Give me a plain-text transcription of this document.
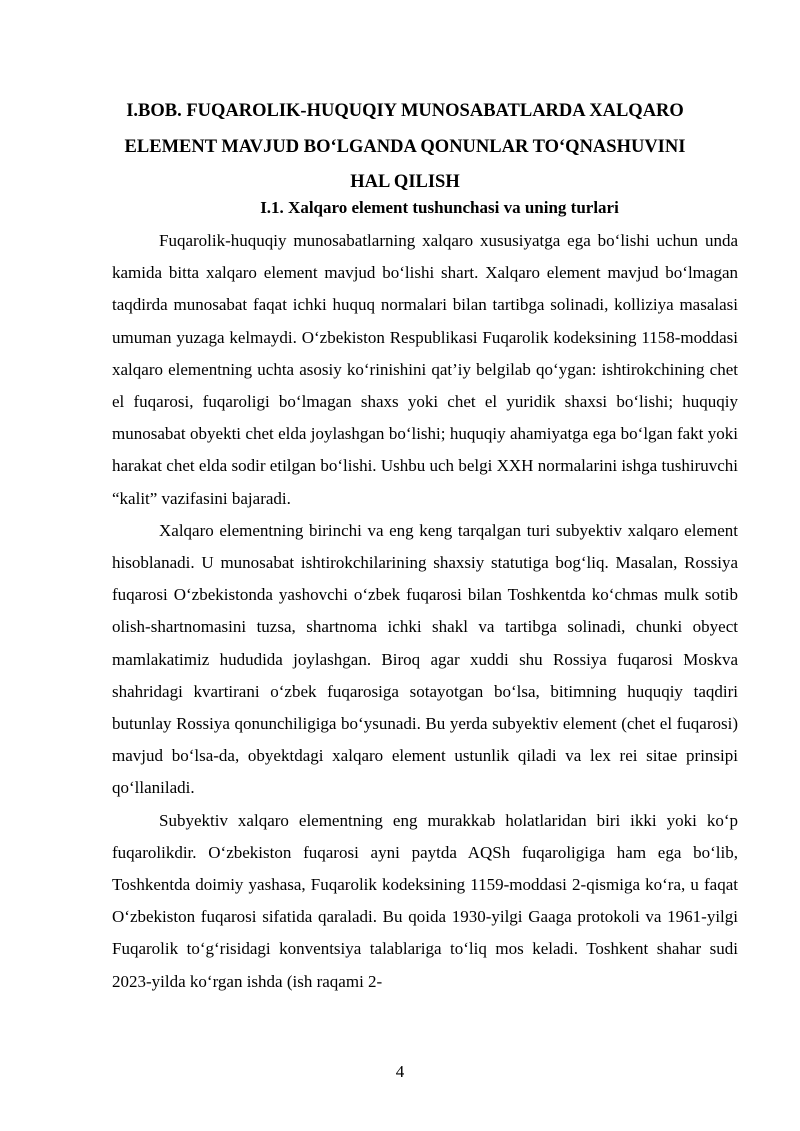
I.BOB. FUQAROLIK-HUQUQIY MUNOSABATLARDA XALQARO ELEMENT MAVJUD BO‘LGANDA QONUNLAR TO‘QNASHUVINI HAL QILISH
I.1. Xalqaro element tushunchasi va uning turlari

Fuqarolik-huquqiy munosabatlarning xalqaro xususiyatga ega bo‘lishi uchun unda kamida bitta xalqaro element mavjud bo‘lishi shart. Xalqaro element mavjud bo‘lmagan taqdirda munosabat faqat ichki huquq normalari bilan tartibga solinadi, kolliziya masalasi umuman yuzaga kelmaydi. O‘zbekiston Respublikasi Fuqarolik kodeksining 1158-moddasi xalqaro elementning uchta asosiy ko‘rinishini qat’iy belgilab qo‘ygan: ishtirokchining chet el fuqarosi, fuqaroligi bo‘lmagan shaxs yoki chet el yuridik shaxsi bo‘lishi; huquqiy munosabat obyekti chet elda joylashgan bo‘lishi; huquqiy ahamiyatga ega bo‘lgan fakt yoki harakat chet elda sodir etilgan bo‘lishi. Ushbu uch belgi XXH normalarini ishga tushiruvchi “kalit” vazifasini bajaradi.

Xalqaro elementning birinchi va eng keng tarqalgan turi subyektiv xalqaro element hisoblanadi. U munosabat ishtirokchilarining shaxsiy statutiga bog‘liq. Masalan, Rossiya fuqarosi O‘zbekistonda yashovchi o‘zbek fuqarosi bilan Toshkentda ko‘chmas mulk sotib olish-shartnomasini tuzsa, shartnoma ichki shakl va tartibga solinadi, chunki obyect mamlakatimiz hududida joylashgan. Biroq agar xuddi shu Rossiya fuqarosi Moskva shahridagi kvartirani o‘zbek fuqarosiga sotayotgan bo‘lsa, bitimning huquqiy taqdiri butunlay Rossiya qonunchiligiga bo‘ysunadi. Bu yerda subyektiv element (chet el fuqarosi) mavjud bo‘lsa-da, obyektdagi xalqaro element ustunlik qiladi va lex rei sitae prinsipi qo‘llaniladi.

Subyektiv xalqaro elementning eng murakkab holatlaridan biri ikki yoki ko‘p fuqarolikdir. O‘zbekiston fuqarosi ayni paytda AQSh fuqaroligiga ham ega bo‘lib, Toshkentda doimiy yashasa, Fuqarolik kodeksining 1159-moddasi 2-qismiga ko‘ra, u faqat O‘zbekiston fuqarosi sifatida qaraladi. Bu qoida 1930-yilgi Gaaga protokoli va 1961-yilgi Fuqarolik to‘g‘risidagi konventsiya talablariga to‘liq mos keladi. Toshkent shahar sudi 2023-yilda ko‘rgan ishda (ish raqami 2-

4
